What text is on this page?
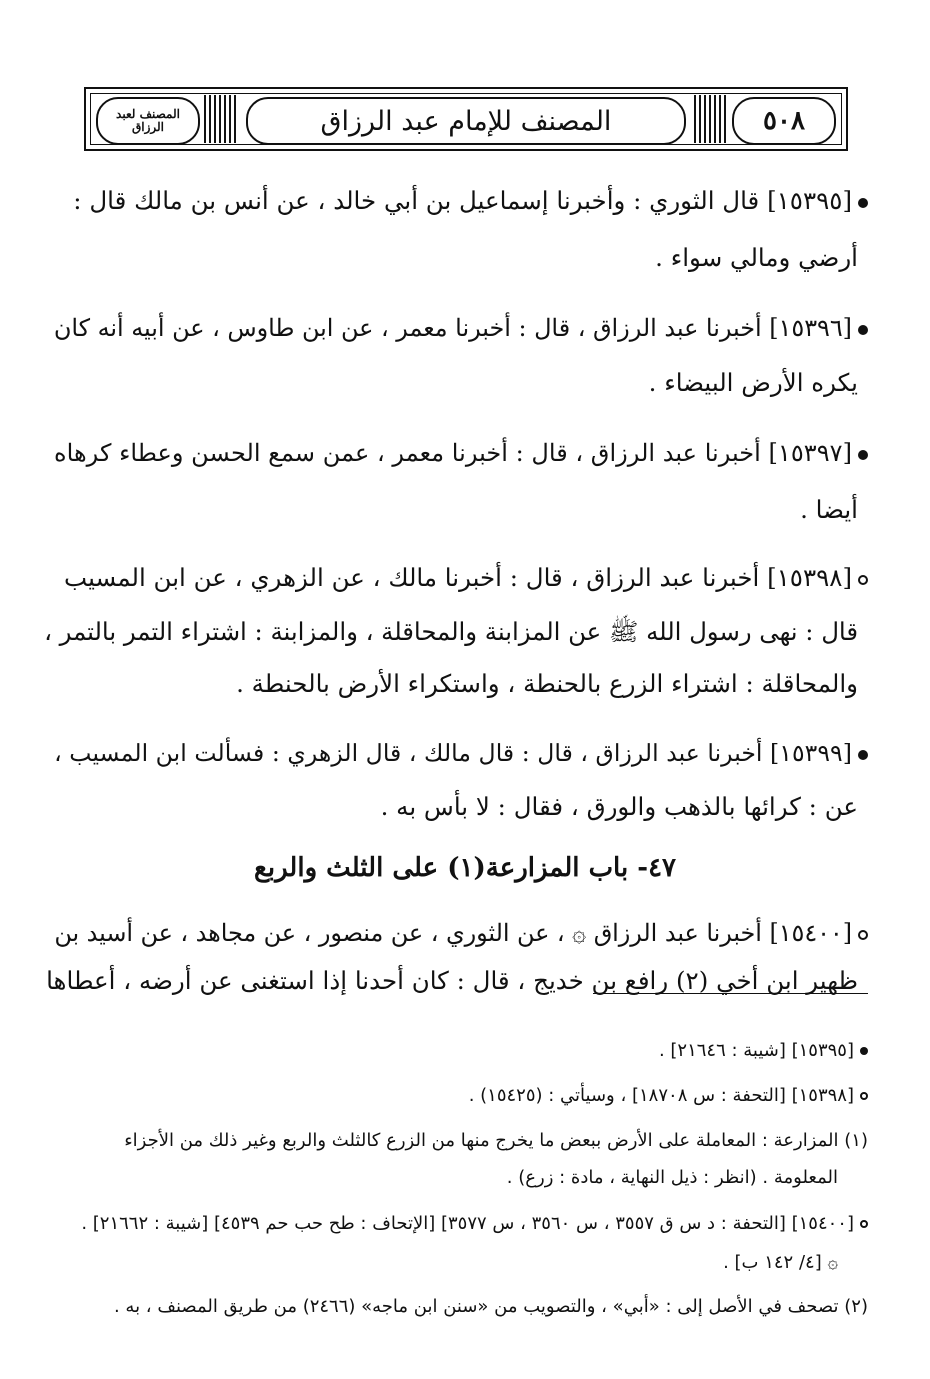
المصنف لعبد الرزاق	المصنف للإمام عبد الرزاق	٥٠٨
[١٥٣٩٥] قال الثوري : وأخبرنا إسماعيل بن أبي خالد ، عن أنس بن مالك قال :
أرضي ومالي سواء .
[١٥٣٩٦] أخبرنا عبد الرزاق ، قال : أخبرنا معمر ، عن ابن طاوس ، عن أبيه أنه كان
يكره الأرض البيضاء .
[١٥٣٩٧] أخبرنا عبد الرزاق ، قال : أخبرنا معمر ، عمن سمع الحسن وعطاء كرهاه
أيضا .
[١٥٣٩٨] أخبرنا عبد الرزاق ، قال : أخبرنا مالك ، عن الزهري ، عن ابن المسيب
قال : نهى رسول الله ﷺ عن المزابنة والمحاقلة ، والمزابنة : اشتراء التمر بالتمر ،
والمحاقلة : اشتراء الزرع بالحنطة ، واستكراء الأرض بالحنطة .
[١٥٣٩٩] أخبرنا عبد الرزاق ، قال : قال مالك ، قال الزهري : فسألت ابن المسيب ،
عن : كرائها بالذهب والورق ، فقال : لا بأس به .
٤٧- باب المزارعة(١) على الثلث والربع
[١٥٤٠٠] أخبرنا عبد الرزاق ۞ ، عن الثوري ، عن منصور ، عن مجاهد ، عن أسيد بن
ظهير ابن أخي (٢) رافع بن خديج ، قال : كان أحدنا إذا استغنى عن أرضه ، أعطاها
[١٥٣٩٥] [شيبة : ٢١٦٤٦] .
[١٥٣٩٨] [التحفة : س ١٨٧٠٨] ، وسيأتي : (١٥٤٢٥) .
(١) المزارعة : المعاملة على الأرض ببعض ما يخرج منها من الزرع كالثلث والربع وغير ذلك من الأجزاء
المعلومة . (انظر : ذيل النهاية ، مادة : زرع) .
[١٥٤٠٠] [التحفة : د س ق ٣٥٥٧ ، س ٣٥٦٠ ، س ٣٥٧٧] [الإتحاف : طح حب حم ٤٥٣٩] [شيبة : ٢١٦٦٢] .
۞ [٤/ ١٤٢ ب] .
(٢) تصحف في الأصل إلى : «أبي» ، والتصويب من «سنن ابن ماجه» (٢٤٦٦) من طريق المصنف ، به .
